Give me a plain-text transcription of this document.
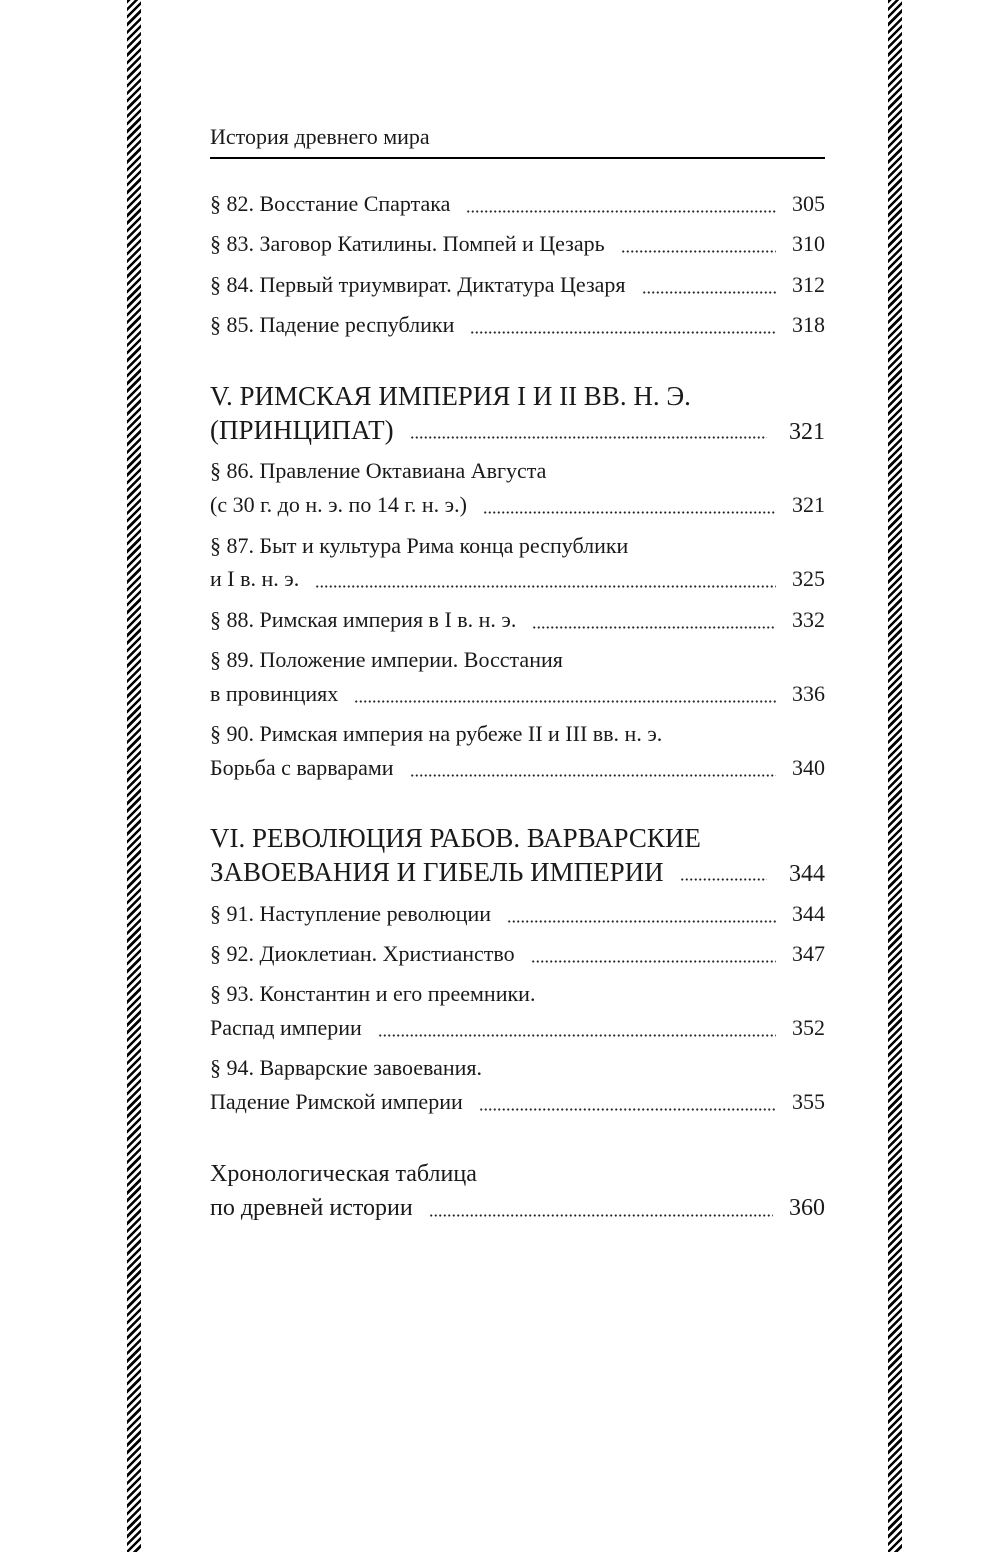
История древнего мира
§ 82. Восстание Спартака	305
§ 83. Заговор Катилины. Помпей и Цезарь	310
§ 84. Первый триумвират. Диктатура Цезаря	312
§ 85. Падение республики	318
V. РИМСКАЯ ИМПЕРИЯ I И II ВВ. Н. Э.
(ПРИНЦИПАТ)	321
§ 86. Правление Октавиана Августа
(с 30 г. до н. э. по 14 г. н. э.)	321
§ 87. Быт и культура Рима конца республики
и I в. н. э.	325
§ 88. Римская империя в I в. н. э.	332
§ 89. Положение империи. Восстания
в провинциях	336
§ 90. Римская империя на рубеже II и III вв. н. э.
Борьба с варварами	340
VI. РЕВОЛЮЦИЯ РАБОВ. ВАРВАРСКИЕ
ЗАВОЕВАНИЯ И ГИБЕЛЬ ИМПЕРИИ	344
§ 91. Наступление революции	344
§ 92. Диоклетиан. Христианство	347
§ 93. Константин и его преемники.
Распад империи	352
§ 94. Варварские завоевания.
Падение Римской империи	355
Хронологическая таблица
по древней истории	360
